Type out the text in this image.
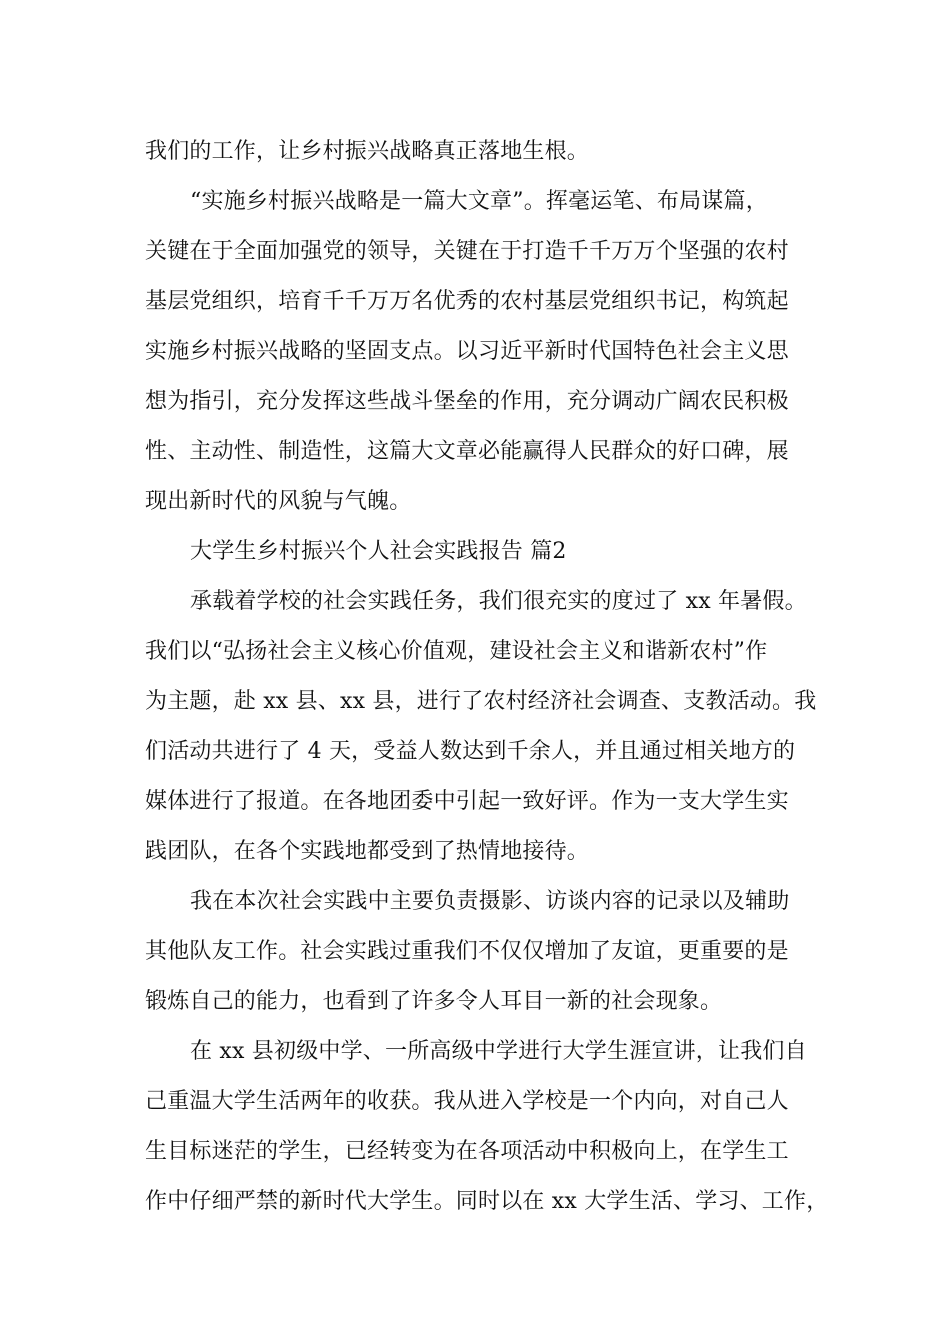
我们的工作，让乡村振兴战略真正落地生根。
“实施乡村振兴战略是一篇大文章”。挥毫运笔、布局谋篇，
关键在于全面加强党的领导，关键在于打造千千万万个坚强的农村
基层党组织，培育千千万万名优秀的农村基层党组织书记，构筑起
实施乡村振兴战略的坚固支点。以习近平新时代国特色社会主义思
想为指引，充分发挥这些战斗堡垒的作用，充分调动广阔农民积极
性、主动性、制造性，这篇大文章必能赢得人民群众的好口碑，展
现出新时代的风貌与气魄。
大学生乡村振兴个人社会实践报告 篇2
承载着学校的社会实践任务，我们很充实的度过了 xx 年暑假。
我们以“弘扬社会主义核心价值观，建设社会主义和谐新农村”作
为主题，赴 xx 县、xx 县，进行了农村经济社会调查、支教活动。我
们活动共进行了 4 天，受益人数达到千余人，并且通过相关地方的
媒体进行了报道。在各地团委中引起一致好评。作为一支大学生实
践团队，在各个实践地都受到了热情地接待。
我在本次社会实践中主要负责摄影、访谈内容的记录以及辅助
其他队友工作。社会实践过重我们不仅仅增加了友谊，更重要的是
锻炼自己的能力，也看到了许多令人耳目一新的社会现象。
在 xx 县初级中学、一所高级中学进行大学生涯宣讲，让我们自
己重温大学生活两年的收获。我从进入学校是一个内向，对自己人
生目标迷茫的学生，已经转变为在各项活动中积极向上，在学生工
作中仔细严禁的新时代大学生。同时以在 xx 大学生活、学习、工作，
